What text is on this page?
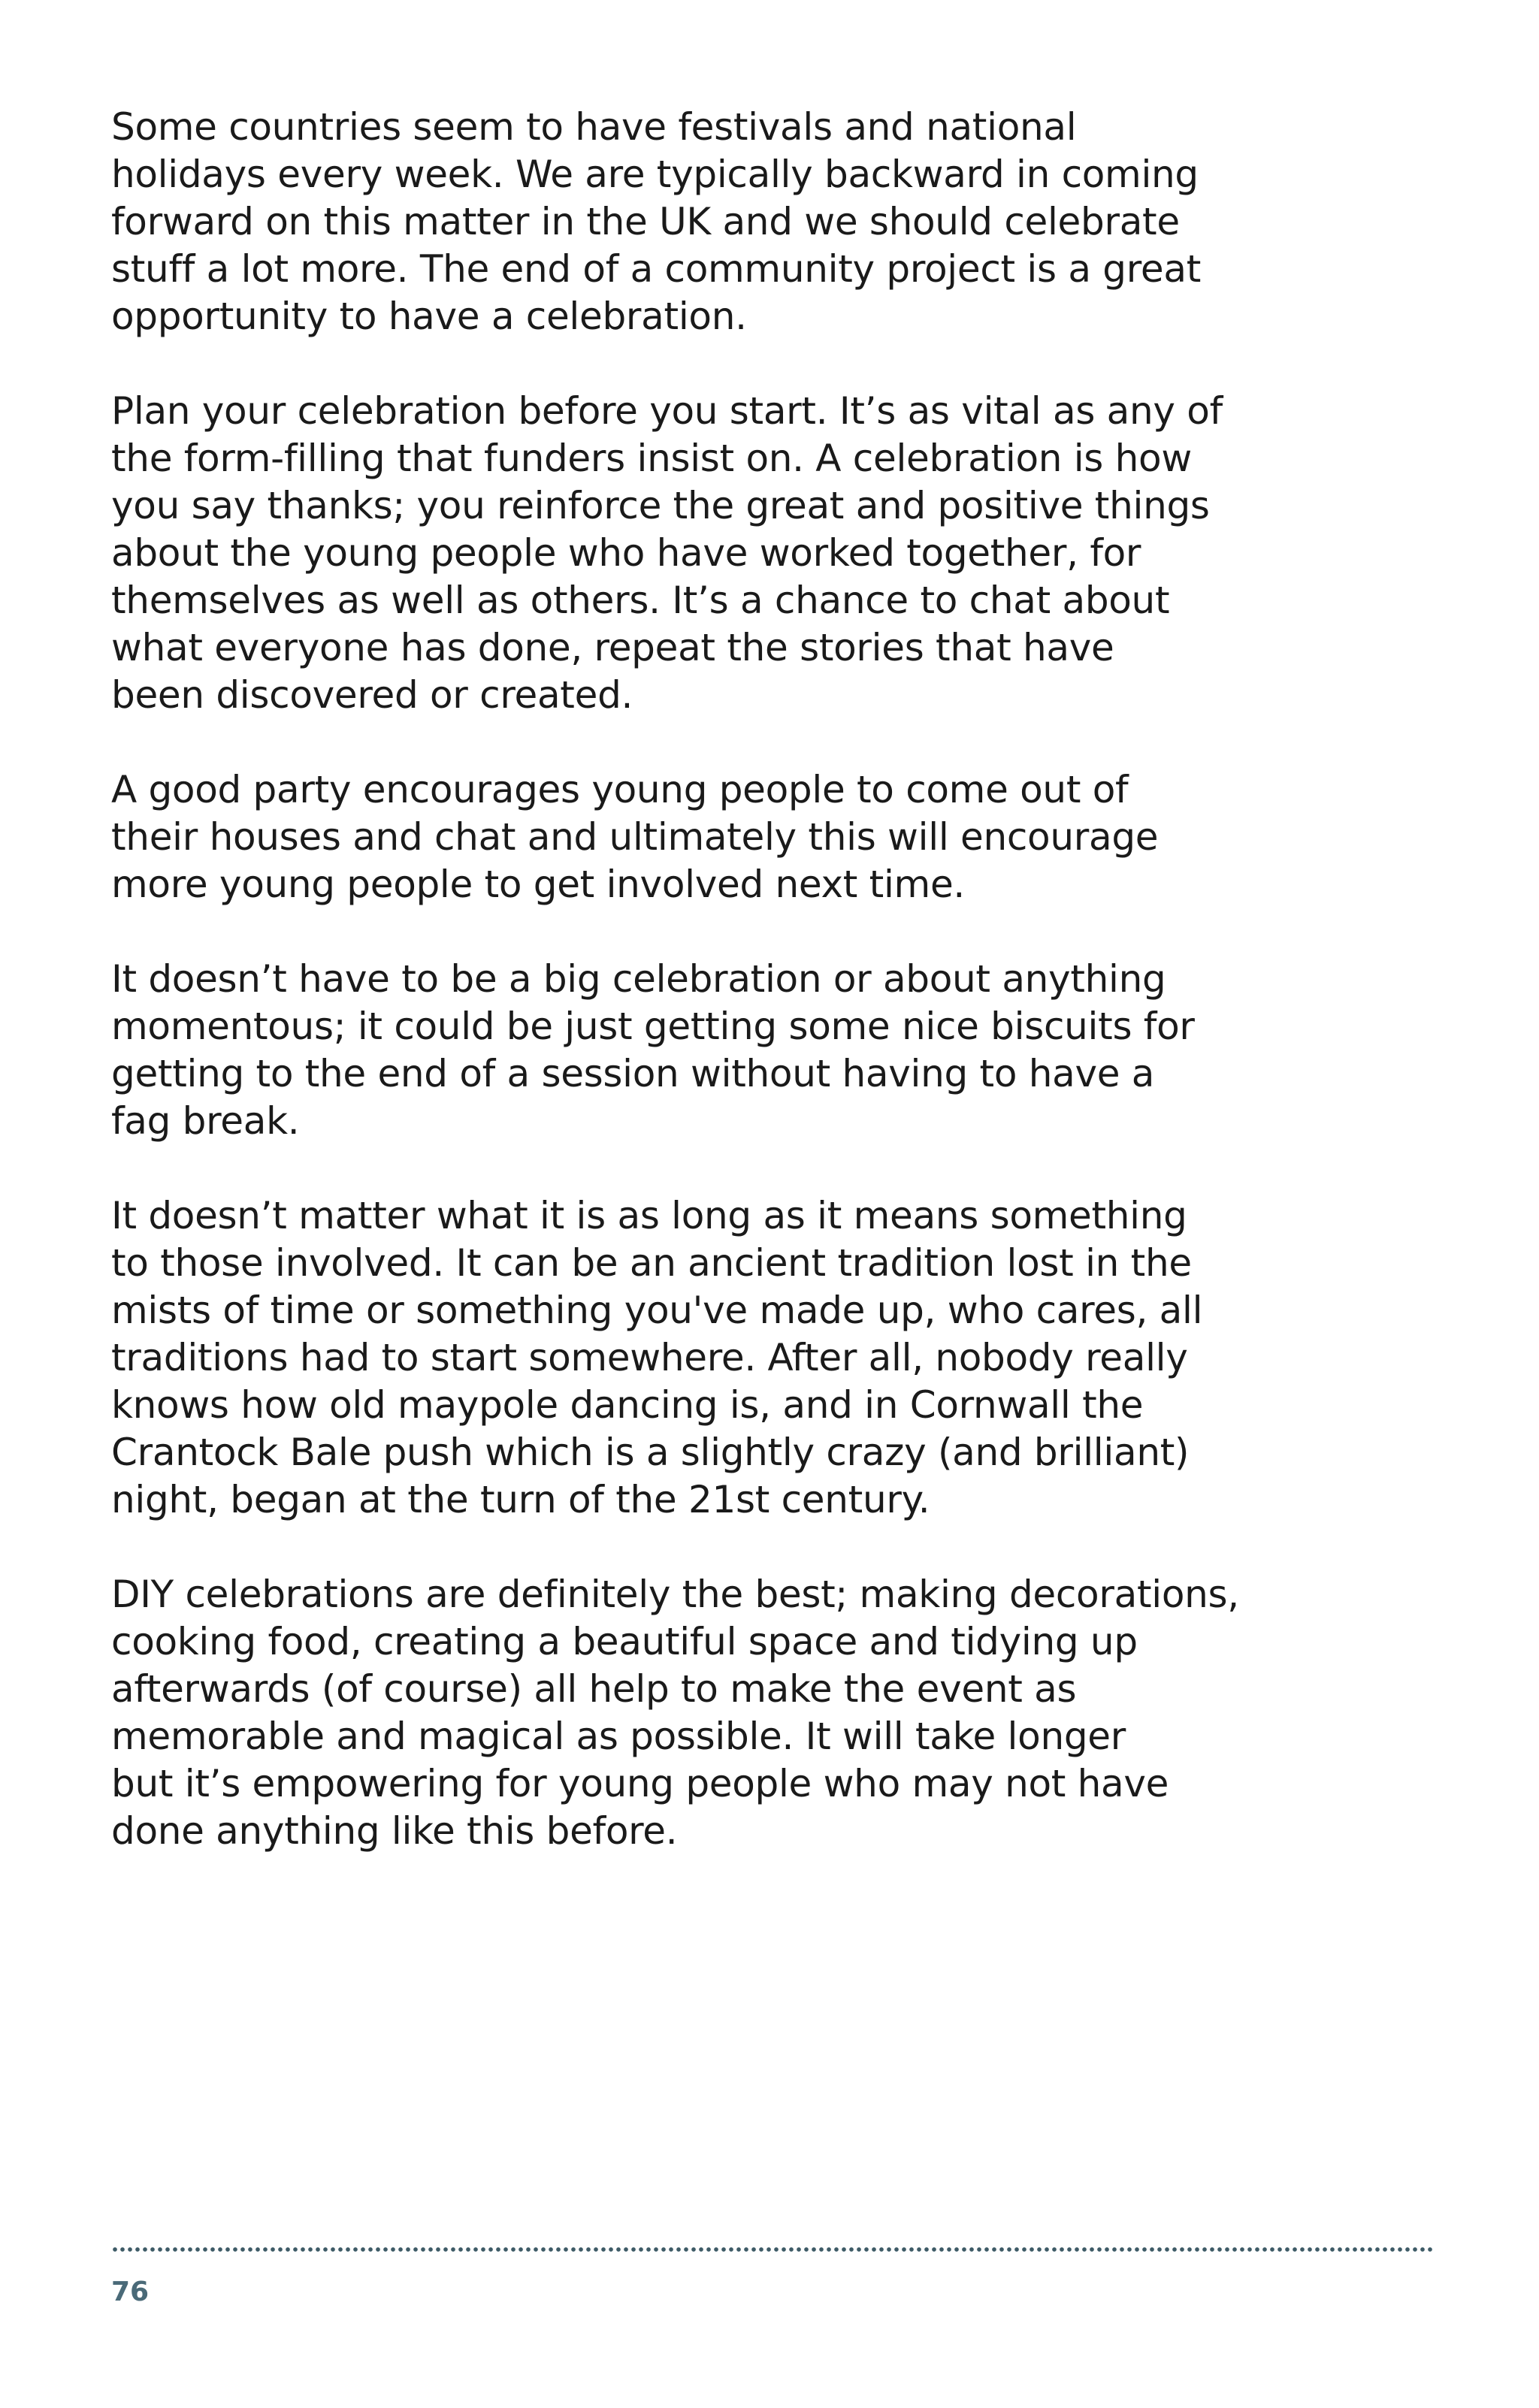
Some countries seem to have festivals and national
holidays every week. We are typically backward in coming
forward on this matter in the UK and we should celebrate
stuff a lot more. The end of a community project is a great
opportunity to have a celebration.

Plan your celebration before you start. It’s as vital as any of
the form-filling that funders insist on. A celebration is how
you say thanks; you reinforce the great and positive things
about the young people who have worked together, for
themselves as well as others. It’s a chance to chat about
what everyone has done, repeat the stories that have
been discovered or created.

A good party encourages young people to come out of
their houses and chat and ultimately this will encourage
more young people to get involved next time.

It doesn’t have to be a big celebration or about anything
momentous; it could be just getting some nice biscuits for
getting to the end of a session without having to have a
fag break.

It doesn’t matter what it is as long as it means something
to those involved. It can be an ancient tradition lost in the
mists of time or something you've made up, who cares, all
traditions had to start somewhere. After all, nobody really
knows how old maypole dancing is, and in Cornwall the
Crantock Bale push which is a slightly crazy (and brilliant)
night, began at the turn of the 21st century.

DIY celebrations are definitely the best; making decorations,
cooking food, creating a beautiful space and tidying up
afterwards (of course) all help to make the event as
memorable and magical as possible. It will take longer
but it’s empowering for young people who may not have
done anything like this before.

76
